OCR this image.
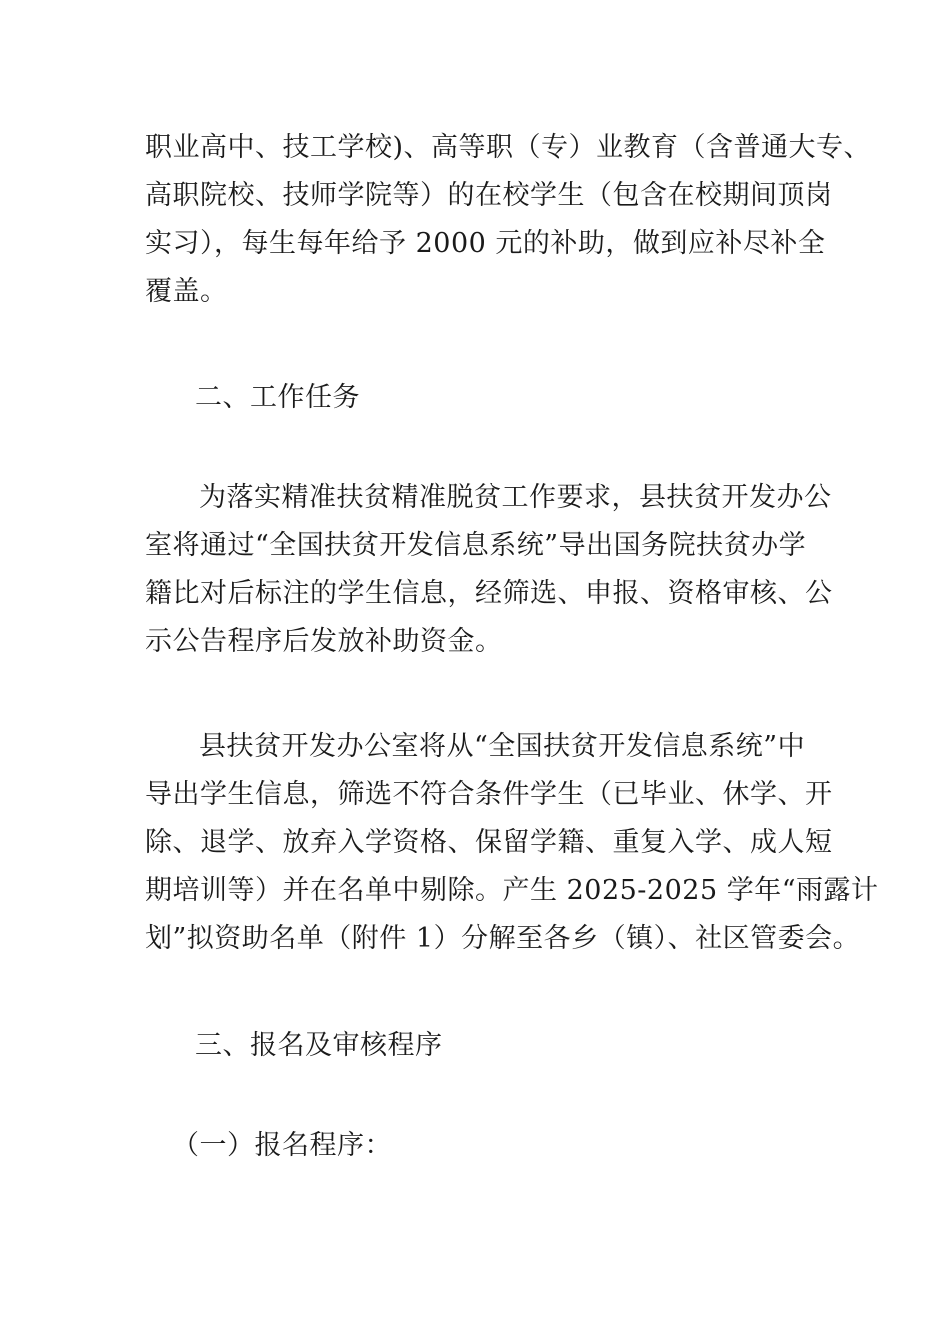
职业高中、技工学校)、高等职（专）业教育（含普通大专、
高职院校、技师学院等）的在校学生（包含在校期间顶岗
实习），每生每年给予 2000 元的补助，做到应补尽补全
覆盖。
二、工作任务
为落实精准扶贫精准脱贫工作要求，县扶贫开发办公
室将通过“全国扶贫开发信息系统”导出国务院扶贫办学
籍比对后标注的学生信息，经筛选、申报、资格审核、公
示公告程序后发放补助资金。
县扶贫开发办公室将从“全国扶贫开发信息系统”中
导出学生信息，筛选不符合条件学生（已毕业、休学、开
除、退学、放弃入学资格、保留学籍、重复入学、成人短
期培训等）并在名单中剔除。产生 2025-2025 学年“雨露计
划”拟资助名单（附件 1）分解至各乡（镇）、社区管委会。
三、报名及审核程序
（一）报名程序：
